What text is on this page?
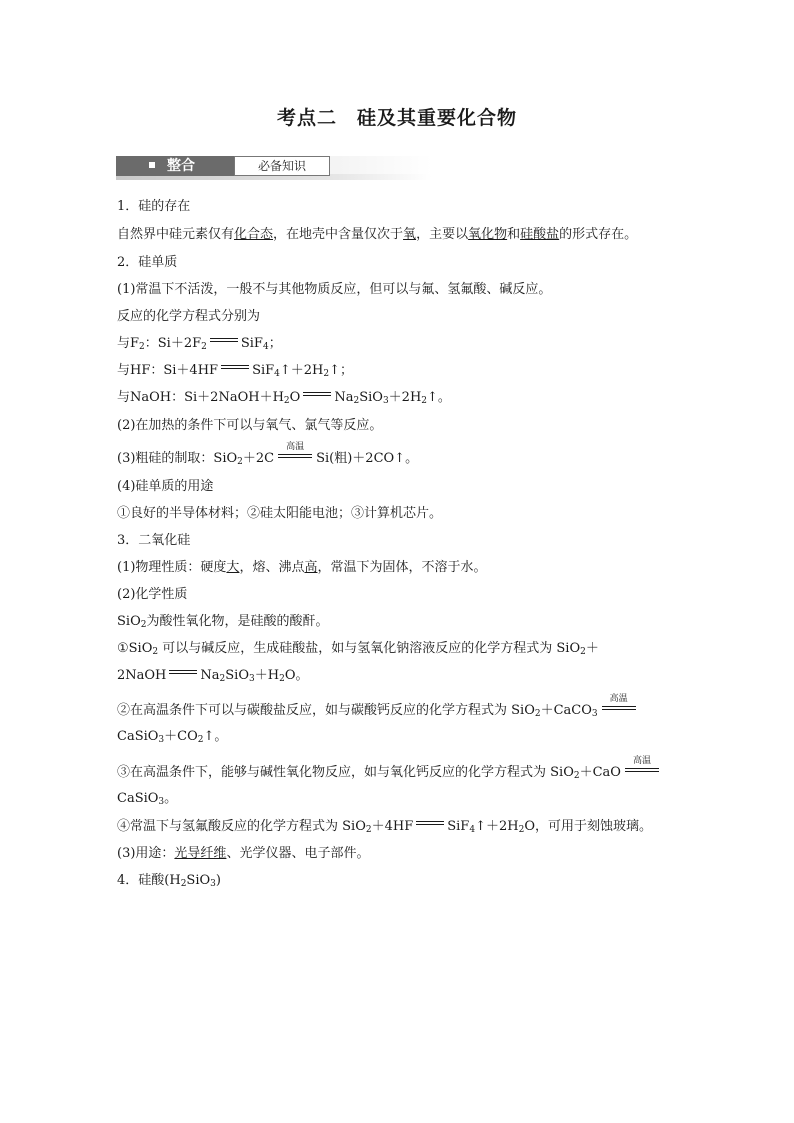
考点二　硅及其重要化合物
整合	必备知识
1．硅的存在
自然界中硅元素仅有化合态，在地壳中含量仅次于氧，主要以氧化物和硅酸盐的形式存在。
2．硅单质
(1)常温下不活泼，一般不与其他物质反应，但可以与氟、氢氟酸、碱反应。
反应的化学方程式分别为
与$F_2$：$Si+2F_2$	SiF$_4$；
与HF：Si＋4HF	$SiF_4↑+2H_2↑$；
与NaOH：$Si+2NaOH+H_2O$	$Na_2SiO_3+2H_2↑$。
(2)在加热的条件下可以与氧气、氯气等反应。
(3)粗硅的制取：SiO$_2$＋2C
高温
Si(粗)＋2CO↑。
(4)硅单质的用途
①良好的半导体材料；②硅太阳能电池；③计算机芯片。
3．二氧化硅
(1)物理性质：硬度大，熔、沸点高，常温下为固体，不溶于水。
(2)化学性质
SiO$_2$为酸性氧化物，是硅酸的酸酐。
①SiO$_2$ 可以与碱反应，生成硅酸盐，如与氢氧化钠溶液反应的化学方程式为 SiO$_2$＋
2NaOH	$Na_2SiO_3+H_2O$。
②在高温条件下可以与碳酸盐反应，如与碳酸钙反应的化学方程式为 SiO$_2$＋CaCO$_3$
高温
$CaSiO_3+CO_2↑$。
③在高温条件下，能够与碱性氧化物反应，如与氧化钙反应的化学方程式为 SiO$_2$＋CaO
高温
CaSiO$_3$。
④常温下与氢氟酸反应的化学方程式为 SiO$_2$＋4HF	$SiF_4↑+2H_2O$，可用于刻蚀玻璃。
(3)用途：光导纤维、光学仪器、电子部件。
4．硅酸$(H_2SiO_3)$
